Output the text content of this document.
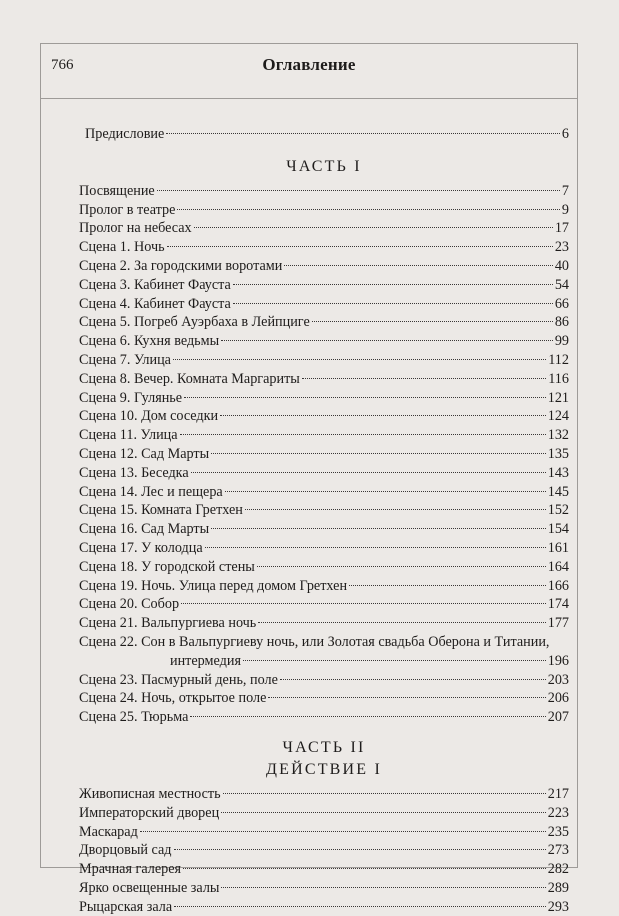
766	Оглавление
Предисловие	6
ЧАСТЬ I
Посвящение	7
Пролог в театре	9
Пролог на небесах	17
Сцена 1. Ночь	23
Сцена 2. За городскими воротами	40
Сцена 3. Кабинет Фауста	54
Сцена 4. Кабинет Фауста	66
Сцена 5. Погреб Ауэрбаха в Лейпциге	86
Сцена 6. Кухня ведьмы	99
Сцена 7. Улица	112
Сцена 8. Вечер. Комната Маргариты	116
Сцена 9. Гулянье	121
Сцена 10. Дом соседки	124
Сцена 11. Улица	132
Сцена 12. Сад Марты	135
Сцена 13. Беседка	143
Сцена 14. Лес и пещера	145
Сцена 15. Комната Гретхен	152
Сцена 16. Сад Марты	154
Сцена 17. У колодца	161
Сцена 18. У городской стены	164
Сцена 19. Ночь. Улица перед домом Гретхен	166
Сцена 20. Собор	174
Сцена 21. Вальпургиева ночь	177
Сцена 22. Сон в Вальпургиеву ночь, или Золотая свадьба Оберона и Титании,
интермедия	196
Сцена 23. Пасмурный день, поле	203
Сцена 24. Ночь, открытое поле	206
Сцена 25. Тюрьма	207
ЧАСТЬ II
ДЕЙСТВИЕ I
Живописная местность	217
Императорский дворец	223
Маскарад	235
Дворцовый сад	273
Мрачная галерея	282
Ярко освещенные залы	289
Рыцарская зала	293
